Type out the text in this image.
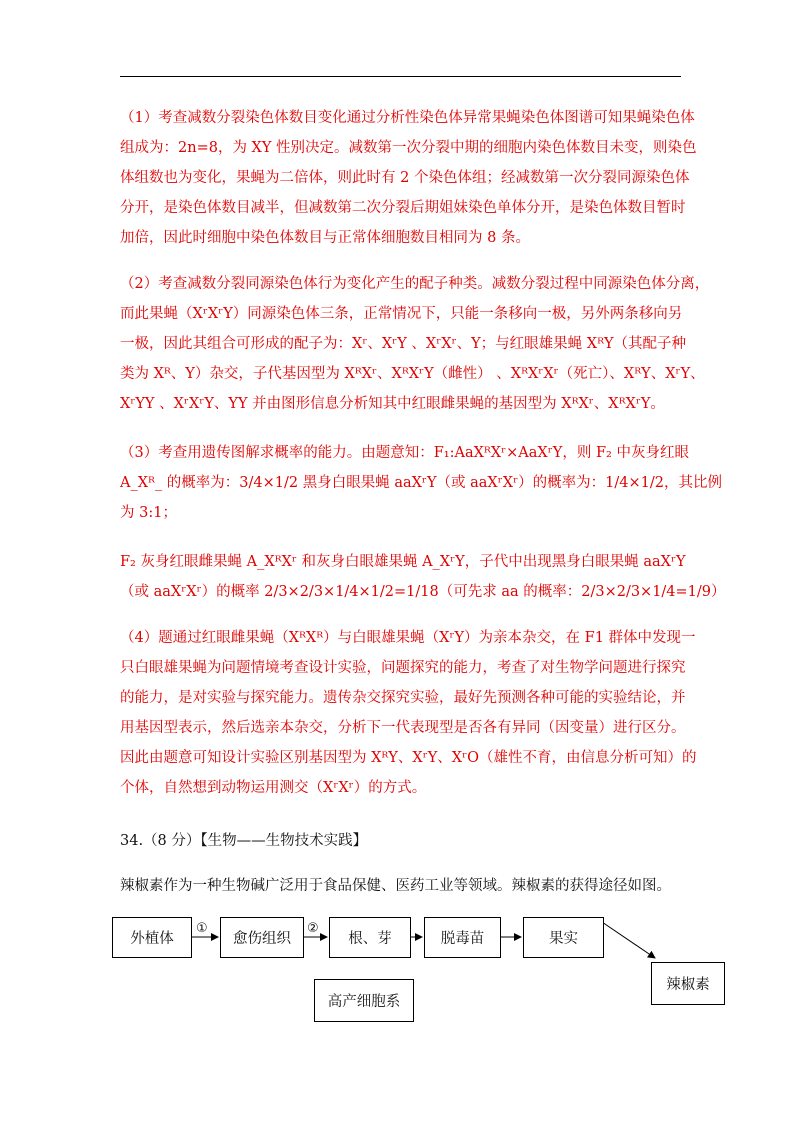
（1）考查减数分裂染色体数目变化通过分析性染色体异常果蝇染色体图谱可知果蝇染色体
组成为：2n=8，为 XY 性别决定。减数第一次分裂中期的细胞内染色体数目未变，则染色
体组数也为变化，果蝇为二倍体，则此时有 2 个染色体组；经减数第一次分裂同源染色体
分开，是染色体数目减半，但减数第二次分裂后期姐妹染色单体分开，是染色体数目暂时
加倍，因此时细胞中染色体数目与正常体细胞数目相同为 8 条。
（2）考查减数分裂同源染色体行为变化产生的配子种类。减数分裂过程中同源染色体分离，
而此果蝇（XʳXʳY）同源染色体三条，正常情况下，只能一条移向一极，另外两条移向另
一极，因此其组合可形成的配子为：Xʳ、XʳY 、XʳXʳ、Y；与红眼雄果蝇 XᴿY（其配子种
类为 Xᴿ、Y）杂交，子代基因型为 XᴿXʳ、XᴿXʳY（雌性） 、XᴿXʳXʳ（死亡）、XᴿY、XʳY、
XʳYY 、XʳXʳY、YY 并由图形信息分析知其中红眼雌果蝇的基因型为 XᴿXʳ、XᴿXʳY。
（3）考查用遗传图解求概率的能力。由题意知：F₁:AaXᴿXʳ×AaXʳY，则 F₂ 中灰身红眼
A_Xᴿ_ 的概率为：3/4×1/2 黑身白眼果蝇 aaXʳY（或 aaXʳXʳ）的概率为：1/4×1/2，其比例
为 3:1；
F₂ 灰身红眼雌果蝇 A_XᴿXʳ 和灰身白眼雄果蝇 A_XʳY，子代中出现黑身白眼果蝇 aaXʳY
（或 aaXʳXʳ）的概率 2/3×2/3×1/4×1/2=1/18（可先求 aa 的概率：2/3×2/3×1/4=1/9）
（4）题通过红眼雌果蝇（XᴿXᴿ）与白眼雄果蝇（XʳY）为亲本杂交，在 F1 群体中发现一
只白眼雄果蝇为问题情境考查设计实验，问题探究的能力，考查了对生物学问题进行探究
的能力，是对实验与探究能力。遗传杂交探究实验，最好先预测各种可能的实验结论，并
用基因型表示，然后选亲本杂交，分析下一代表现型是否各有异同（因变量）进行区分。
因此由题意可知设计实验区别基因型为 XᴿY、XʳY、XʳO（雄性不育，由信息分析可知）的
个体，自然想到动物运用测交（XʳXʳ）的方式。
34.（8 分）【生物——生物技术实践】
辣椒素作为一种生物碱广泛用于食品保健、医药工业等领域。辣椒素的获得途径如图。
外植体	愈伤组织	根、芽	脱毒苗	果实
辣椒素
高产细胞系
①	②
